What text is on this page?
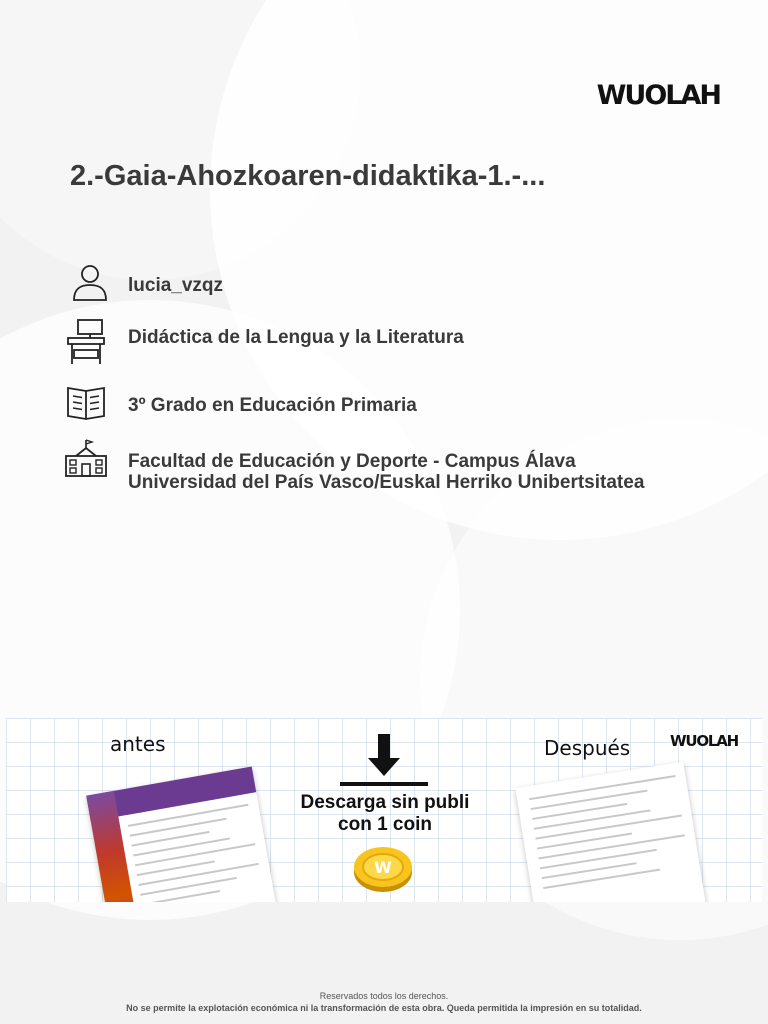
WUOLAH
2.-Gaia-Ahozkoaren-didaktika-1.-...
lucia_vzqz
Didáctica de la Lengua y la Literatura
3º Grado en Educación Primaria
Facultad de Educación y Deporte - Campus Álava
Universidad del País Vasco/Euskal Herriko Unibertsitatea
antes
Descarga sin publi
con 1 coin
W
Después	WUOLAH
Reservados todos los derechos.
No se permite la explotación económica ni la transformación de esta obra. Queda permitida la impresión en su totalidad.
